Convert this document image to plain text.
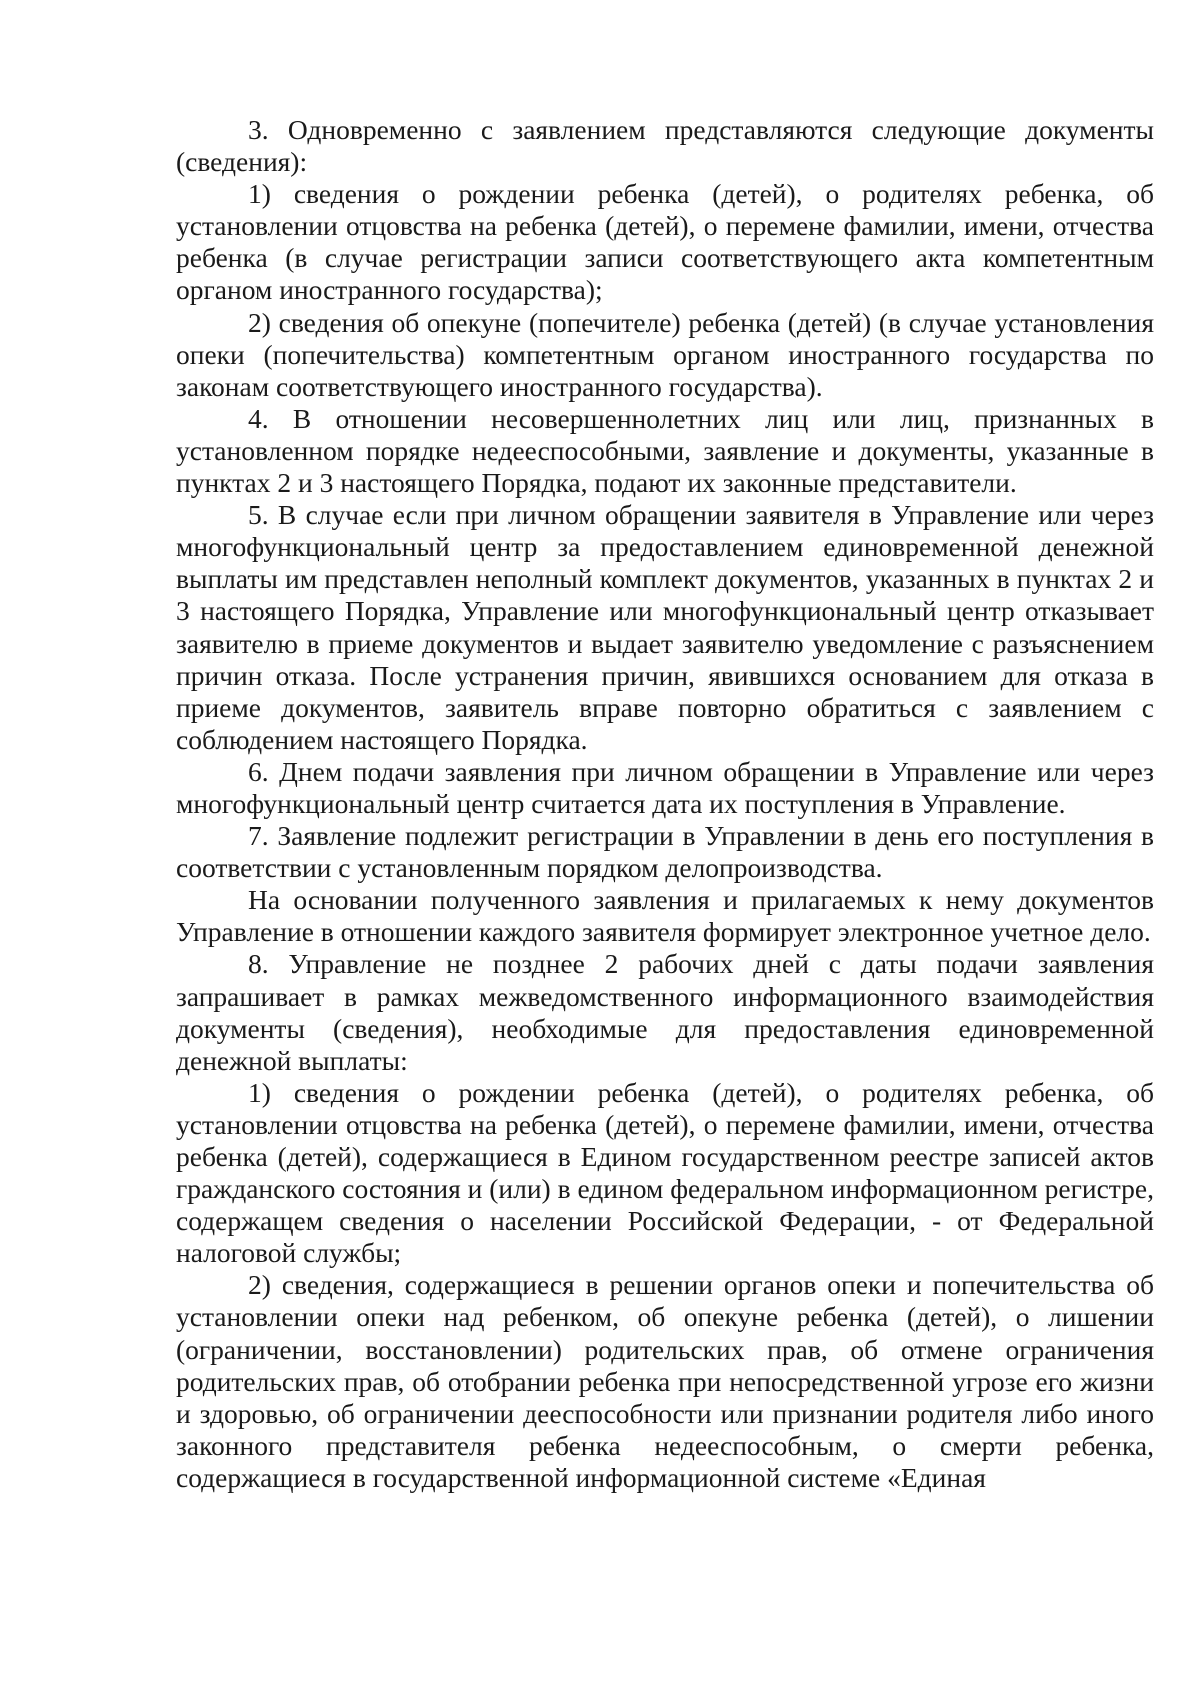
3. Одновременно с заявлением представляются следующие документы (сведения):

1) сведения о рождении ребенка (детей), о родителях ребенка, об установлении отцовства на ребенка (детей), о перемене фамилии, имени, отчества ребенка (в случае регистрации записи соответствующего акта компетентным органом иностранного государства);

2) сведения об опекуне (попечителе) ребенка (детей) (в случае установления опеки (попечительства) компетентным органом иностранного государства по законам соответствующего иностранного государства).

4. В отношении несовершеннолетних лиц или лиц, признанных в установленном порядке недееспособными, заявление и документы, указанные в пунктах 2 и 3 настоящего Порядка, подают их законные представители.

5. В случае если при личном обращении заявителя в Управление или через многофункциональный центр за предоставлением единовременной денежной выплаты им представлен неполный комплект документов, указанных в пунктах 2 и 3 настоящего Порядка, Управление или многофункциональный центр отказывает заявителю в приеме документов и выдает заявителю уведомление с разъяснением причин отказа. После устранения причин, явившихся основанием для отказа в приеме документов, заявитель вправе повторно обратиться с заявлением с соблюдением настоящего Порядка.

6. Днем подачи заявления при личном обращении в Управление или через многофункциональный центр считается дата их поступления в Управление.

7. Заявление подлежит регистрации в Управлении в день его поступления в соответствии с установленным порядком делопроизводства.

На основании полученного заявления и прилагаемых к нему документов Управление в отношении каждого заявителя формирует электронное учетное дело.

8. Управление не позднее 2 рабочих дней с даты подачи заявления запрашивает в рамках межведомственного информационного взаимодействия документы (сведения), необходимые для предоставления единовременной денежной выплаты:

1) сведения о рождении ребенка (детей), о родителях ребенка, об установлении отцовства на ребенка (детей), о перемене фамилии, имени, отчества ребенка (детей), содержащиеся в Едином государственном реестре записей актов гражданского состояния и (или) в едином федеральном информационном регистре, содержащем сведения о населении Российской Федерации, - от Федеральной налоговой службы;

2) сведения, содержащиеся в решении органов опеки и попечительства об установлении опеки над ребенком, об опекуне ребенка (детей), о лишении (ограничении, восстановлении) родительских прав, об отмене ограничения родительских прав, об отобрании ребенка при непосредственной угрозе его жизни и здоровью, об ограничении дееспособности или признании родителя либо иного законного представителя ребенка недееспособным, о смерти ребенка, содержащиеся в государственной информационной системе «Единая
